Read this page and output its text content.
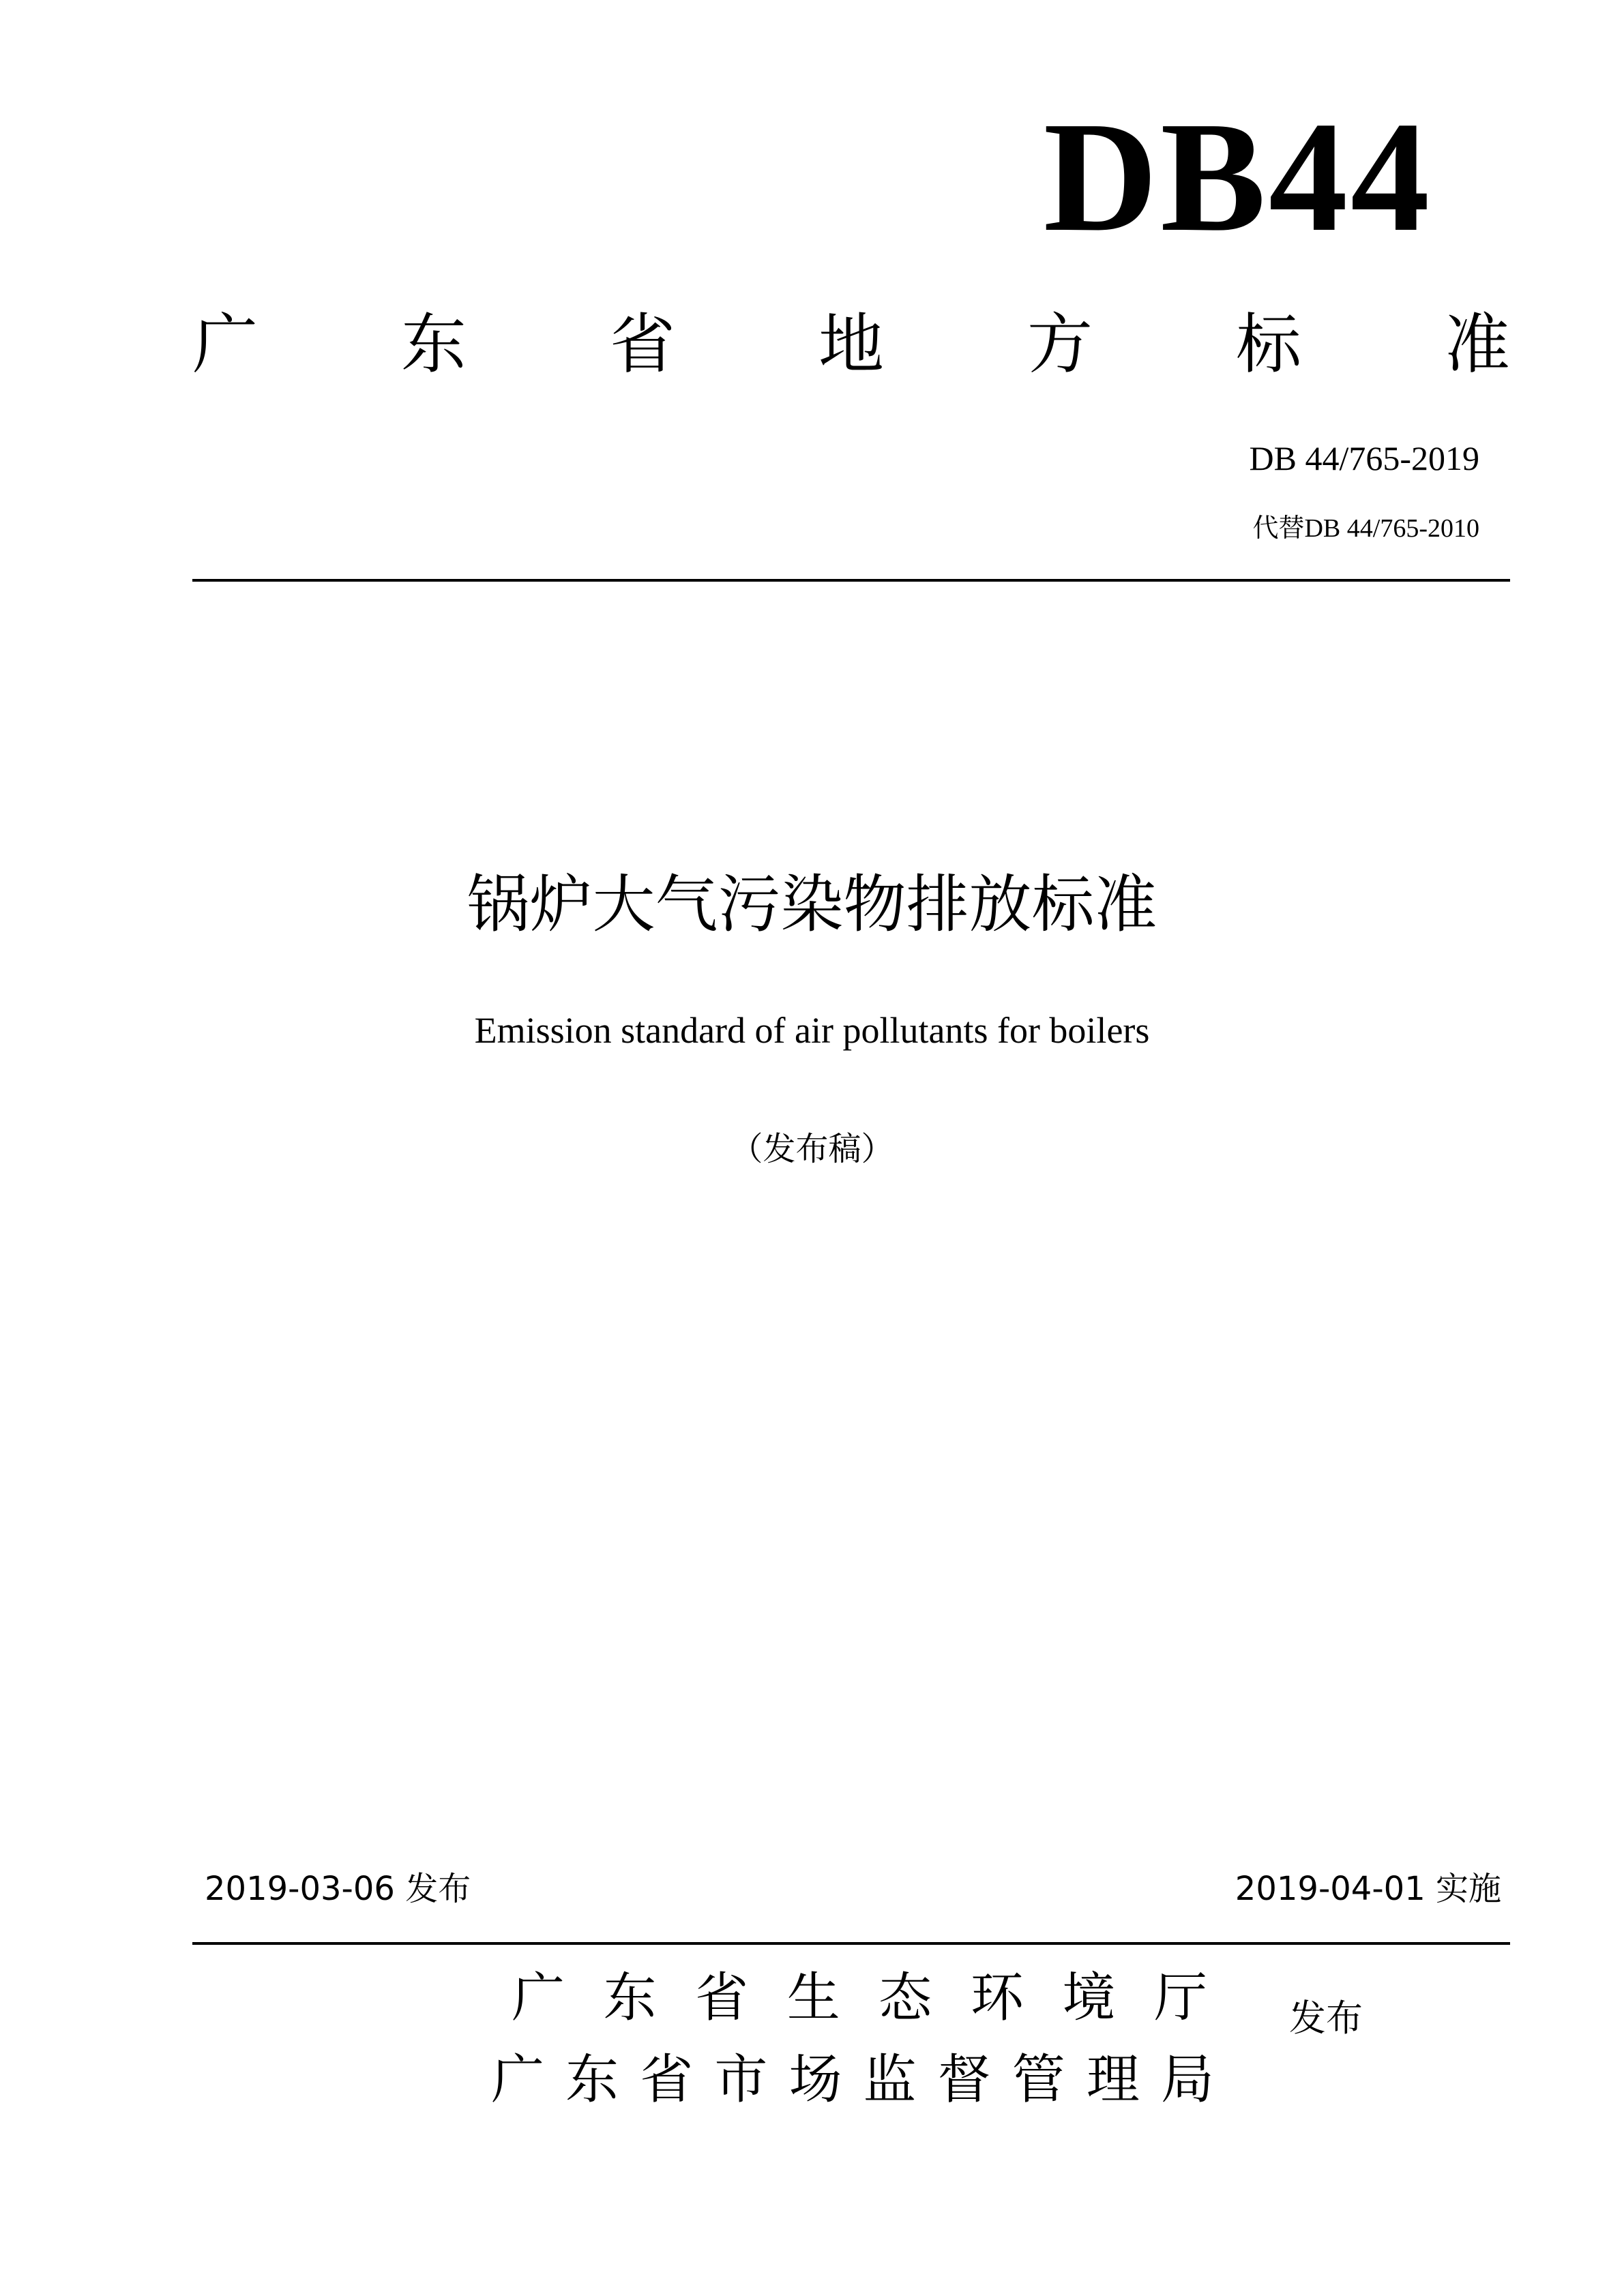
DB44
广 东 省 地 方 标 准
DB 44/765-2019
代替DB 44/765-2010
锅炉大气污染物排放标准
Emission standard of air pollutants for boilers
（发布稿）
2019-03-06 发布	2019-04-01 实施
广 东 省 生 态 环 境 厅
广 东 省 市 场 监 督 管 理 局
发布
